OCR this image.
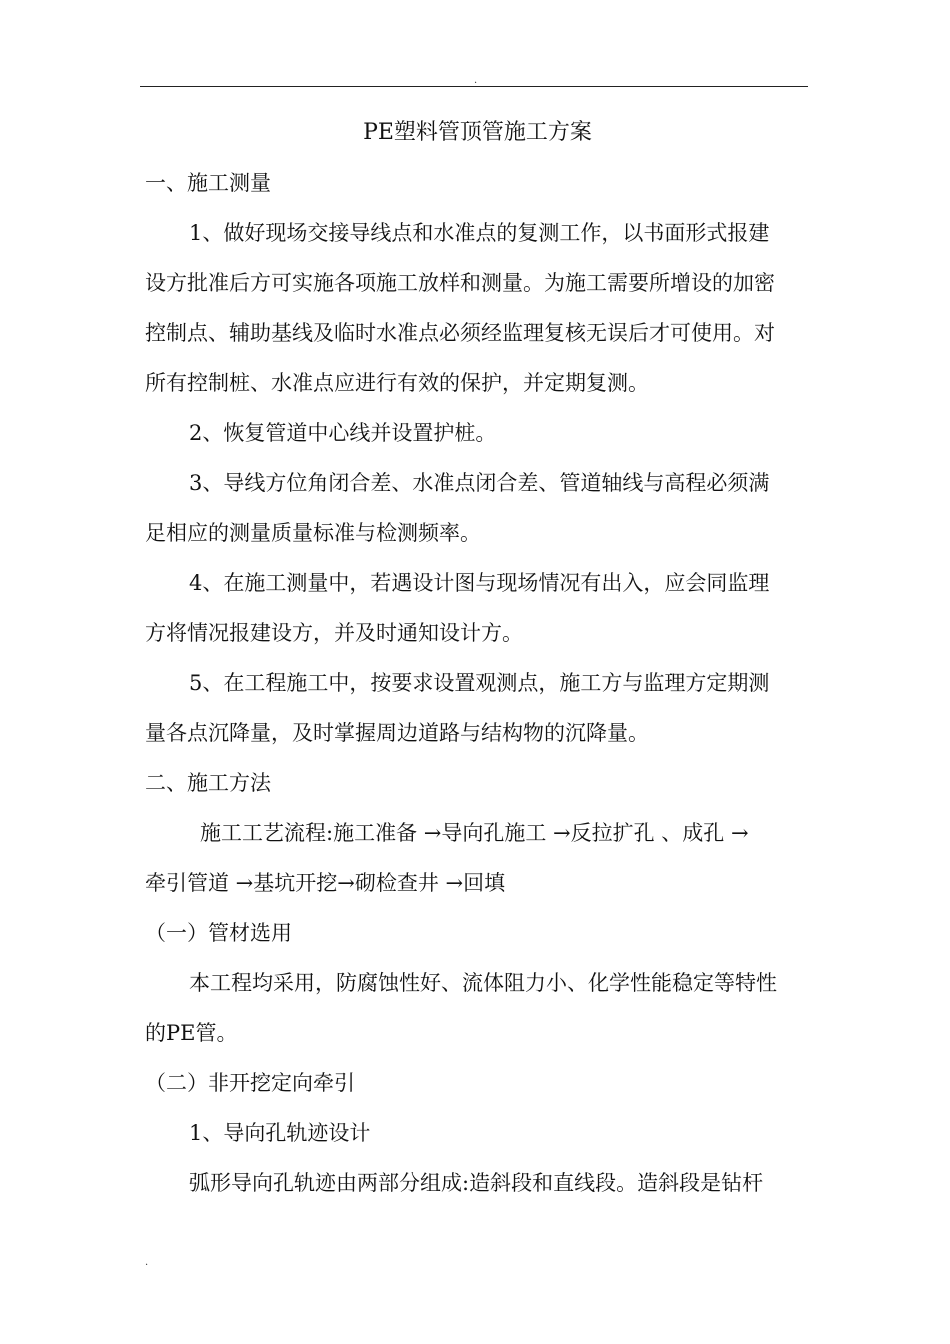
.
PE塑料管顶管施工方案
一、施工测量
1、做好现场交接导线点和水准点的复测工作，以书面形式报建
设方批准后方可实施各项施工放样和测量。为施工需要所增设的加密
控制点、辅助基线及临时水准点必须经监理复核无误后才可使用。对
所有控制桩、水准点应进行有效的保护，并定期复测。
2、恢复管道中心线并设置护桩。
3、导线方位角闭合差、水准点闭合差、管道轴线与高程必须满
足相应的测量质量标准与检测频率。
4、在施工测量中，若遇设计图与现场情况有出入，应会同监理
方将情况报建设方，并及时通知设计方。
5、在工程施工中，按要求设置观测点，施工方与监理方定期测
量各点沉降量，及时掌握周边道路与结构物的沉降量。
二、施工方法
施工工艺流程:施工准备 →导向孔施工 →反拉扩孔 、成孔 →
牵引管道 →基坑开挖→砌检查井 →回填
（一）管材选用
本工程均采用，防腐蚀性好、流体阻力小、化学性能稳定等特性
的PE管。
（二）非开挖定向牵引
1、导向孔轨迹设计
弧形导向孔轨迹由两部分组成:造斜段和直线段。造斜段是钻杆
.
